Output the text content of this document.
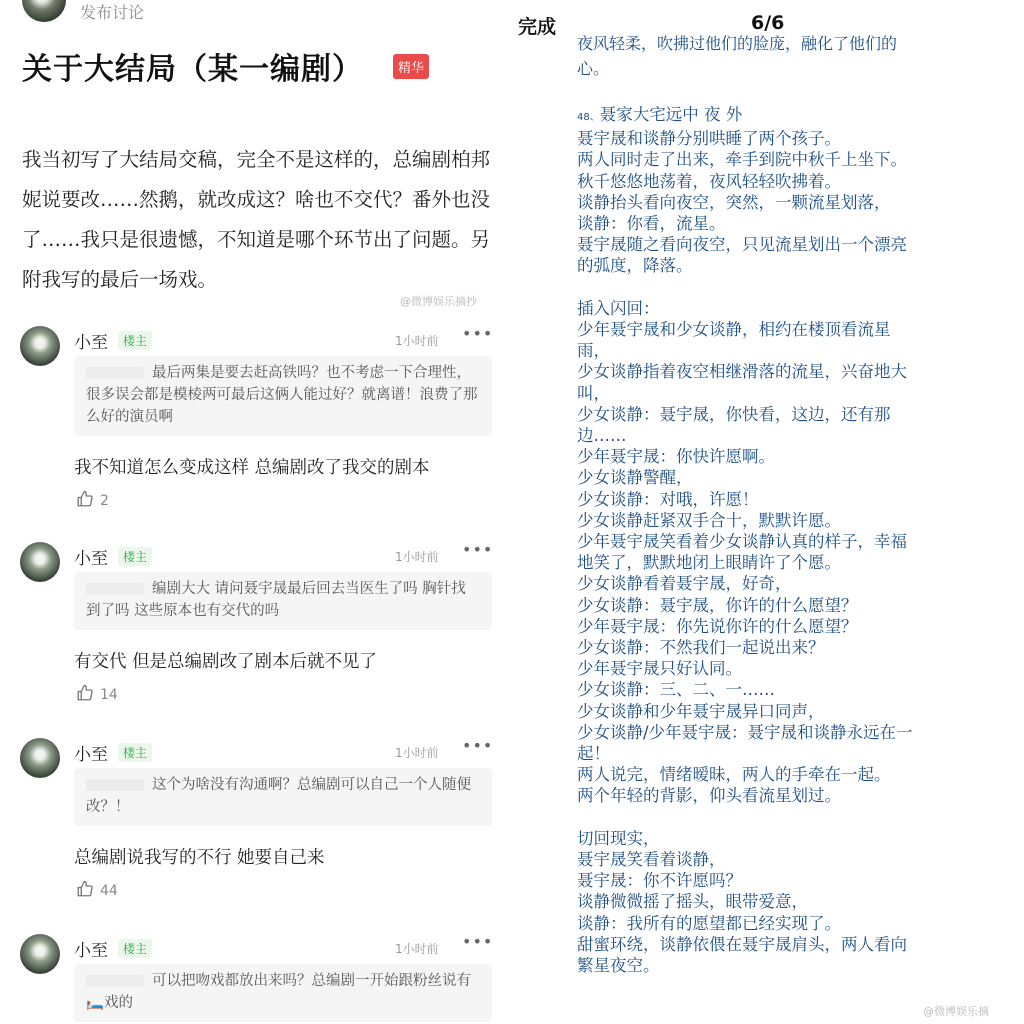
发布讨论
关于大结局（某一编剧）	精华
我当初写了大结局交稿，完全不是这样的，总编剧柏邦妮说要改……然鹅，就改成这？啥也不交代？番外也没了……我只是很遗憾，不知道是哪个环节出了问题。另附我写的最后一场戏。
@微博娱乐摘抄
小至	楼主	1小时前 •••
最后两集是要去赶高铁吗？也不考虑一下合理性，很多误会都是模棱两可最后这俩人能过好？就离谱！浪费了那么好的演员啊
我不知道怎么变成这样 总编剧改了我交的剧本
2
小至	楼主	1小时前 •••
编剧大大 请问聂宇晟最后回去当医生了吗 胸针找到了吗 这些原本也有交代的吗
有交代 但是总编剧改了剧本后就不见了
14
小至	楼主	1小时前 •••
这个为啥没有沟通啊？总编剧可以自己一个人随便改？！
总编剧说我写的不行 她要自己来
44
小至	楼主	1小时前 •••
可以把吻戏都放出来吗？总编剧一开始跟粉丝说有🛏️戏的
完成	6/6
夜风轻柔，吹拂过他们的脸庞，融化了他们的
心。
48、聂家大宅远中 夜 外
聂宇晟和谈静分别哄睡了两个孩子。
两人同时走了出来，牵手到院中秋千上坐下。
秋千悠悠地荡着，夜风轻轻吹拂着。
谈静抬头看向夜空，突然，一颗流星划落，
谈静：你看，流星。
聂宇晟随之看向夜空，只见流星划出一个漂亮
的弧度，降落。
插入闪回：
少年聂宇晟和少女谈静，相约在楼顶看流星
雨，
少女谈静指着夜空相继滑落的流星，兴奋地大
叫，
少女谈静：聂宇晟，你快看，这边，还有那
边……
少年聂宇晟：你快许愿啊。
少女谈静警醒，
少女谈静：对哦，许愿！
少女谈静赶紧双手合十，默默许愿。
少年聂宇晟笑看着少女谈静认真的样子，幸福
地笑了，默默地闭上眼睛许了个愿。
少女谈静看着聂宇晟，好奇，
少女谈静：聂宇晟，你许的什么愿望？
少年聂宇晟：你先说你许的什么愿望？
少女谈静：不然我们一起说出来？
少年聂宇晟只好认同。
少女谈静：三、二、一……
少女谈静和少年聂宇晟异口同声，
少女谈静/少年聂宇晟：聂宇晟和谈静永远在一
起！
两人说完，情绪暧昧，两人的手牵在一起。
两个年轻的背影，仰头看流星划过。
切回现实，
聂宇晟笑看着谈静，
聂宇晟：你不许愿吗？
谈静微微摇了摇头，眼带爱意，
谈静：我所有的愿望都已经实现了。
甜蜜环绕，谈静依偎在聂宇晟肩头，两人看向
繁星夜空。
@微博娱乐摘
